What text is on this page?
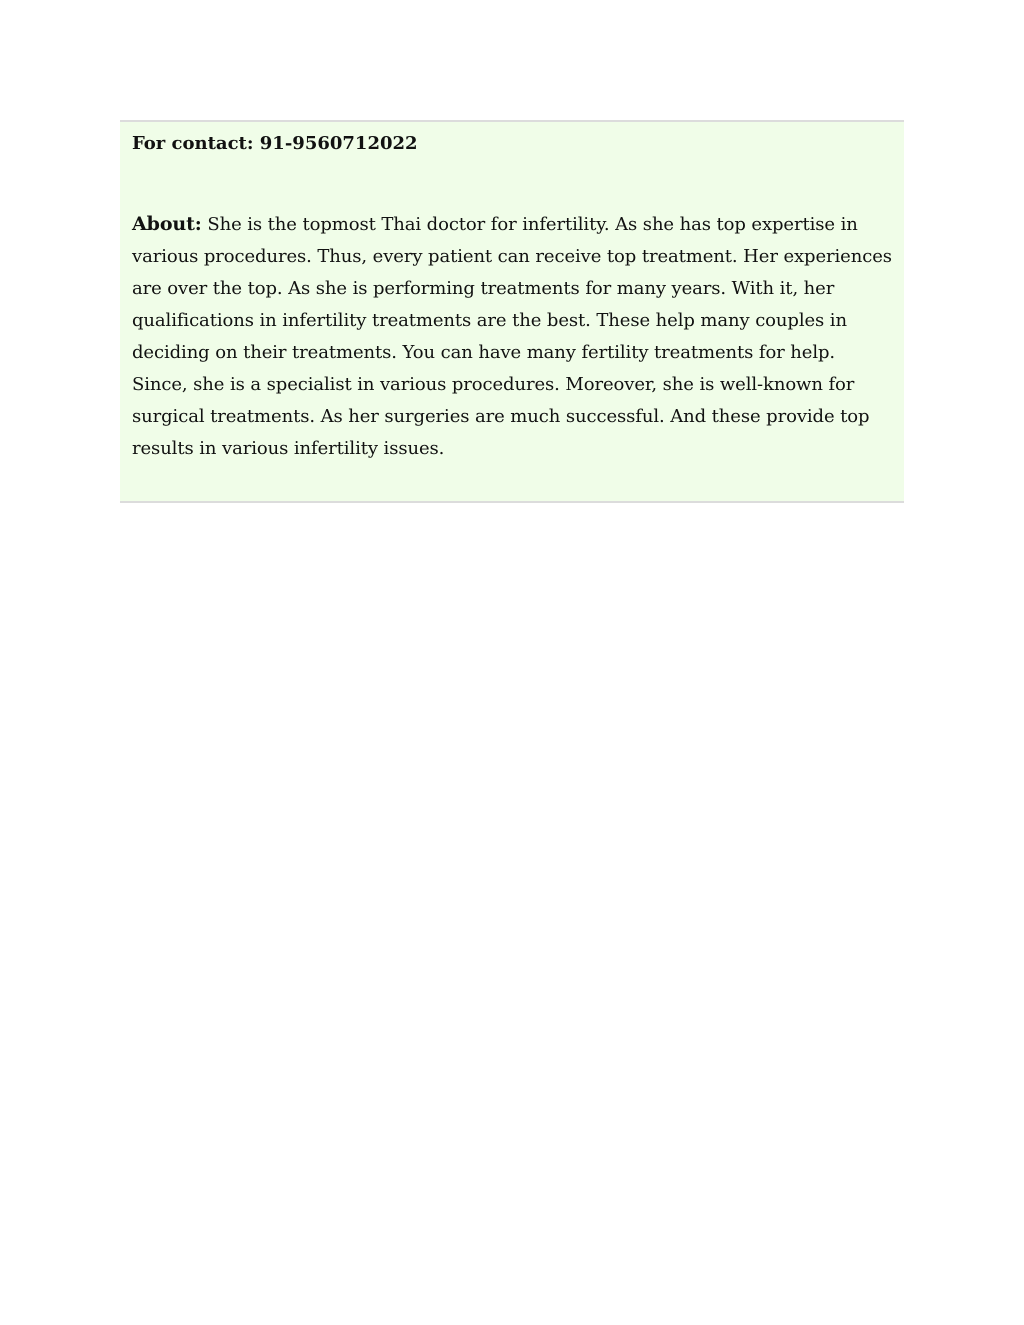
For contact: 91-9560712022

About: She is the topmost Thai doctor for infertility. As she has top expertise in various procedures. Thus, every patient can receive top treatment. Her experiences are over the top. As she is performing treatments for many years. With it, her qualifications in infertility treatments are the best. These help many couples in deciding on their treatments. You can have many fertility treatments for help. Since, she is a specialist in various procedures. Moreover, she is well-known for surgical treatments. As her surgeries are much successful. And these provide top results in various infertility issues.
